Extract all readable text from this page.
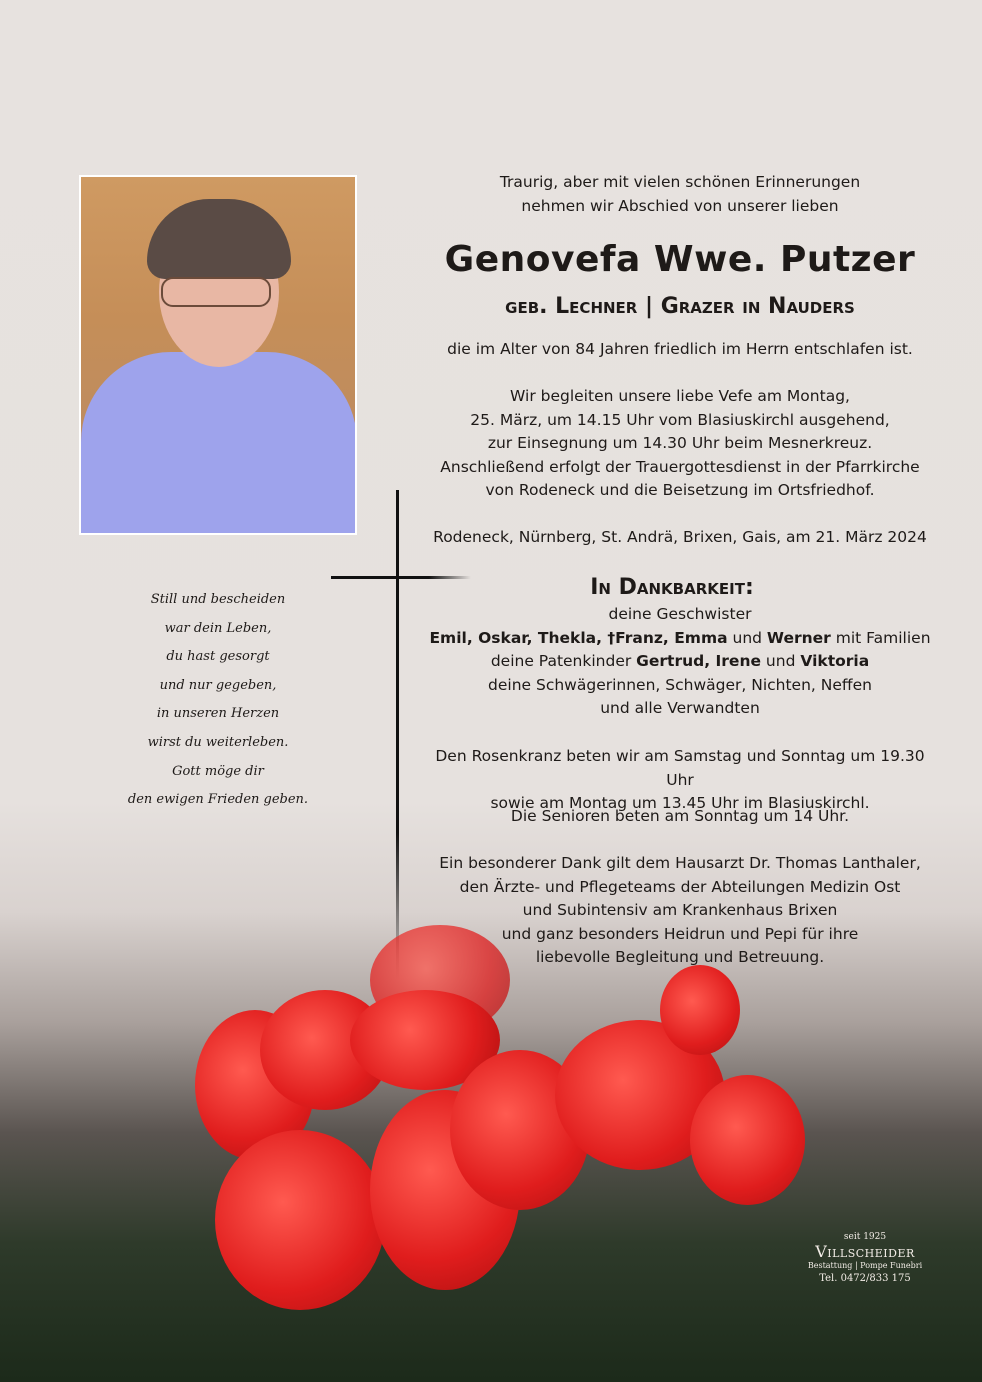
Traurig, aber mit vielen schönen Erinnerungen
nehmen wir Abschied von unserer lieben
Genovefa Wwe. Putzer
geb. Lechner | Grazer in Nauders
die im Alter von 84 Jahren friedlich im Herrn entschlafen ist.
Wir begleiten unsere liebe Vefe am Montag,
25. März, um 14.15 Uhr vom Blasiuskirchl ausgehend,
zur Einsegnung um 14.30 Uhr beim Mesnerkreuz.
Anschließend erfolgt der Trauergottesdienst in der Pfarrkirche
von Rodeneck und die Beisetzung im Ortsfriedhof.
Rodeneck, Nürnberg, St. Andrä, Brixen, Gais, am 21. März 2024
In Dankbarkeit:
deine Geschwister
Emil, Oskar, Thekla, †Franz, Emma und Werner mit Familien
deine Patenkinder Gertrud, Irene und Viktoria
deine Schwägerinnen, Schwäger, Nichten, Neffen
und alle Verwandten
Den Rosenkranz beten wir am Samstag und Sonntag um 19.30 Uhr
sowie am Montag um 13.45 Uhr im Blasiuskirchl.
Die Senioren beten am Sonntag um 14 Uhr.
Ein besonderer Dank gilt dem Hausarzt Dr. Thomas Lanthaler,
den Ärzte- und Pflegeteams der Abteilungen Medizin Ost
und Subintensiv am Krankenhaus Brixen
und ganz besonders Heidrun und Pepi für ihre
liebevolle Begleitung und Betreuung.
Still und bescheiden
war dein Leben,
du hast gesorgt
und nur gegeben,
in unseren Herzen
wirst du weiterleben.
Gott möge dir
den ewigen Frieden geben.
seit 1925
Villscheider
Bestattung | Pompe Funebri
Tel. 0472/833 175
